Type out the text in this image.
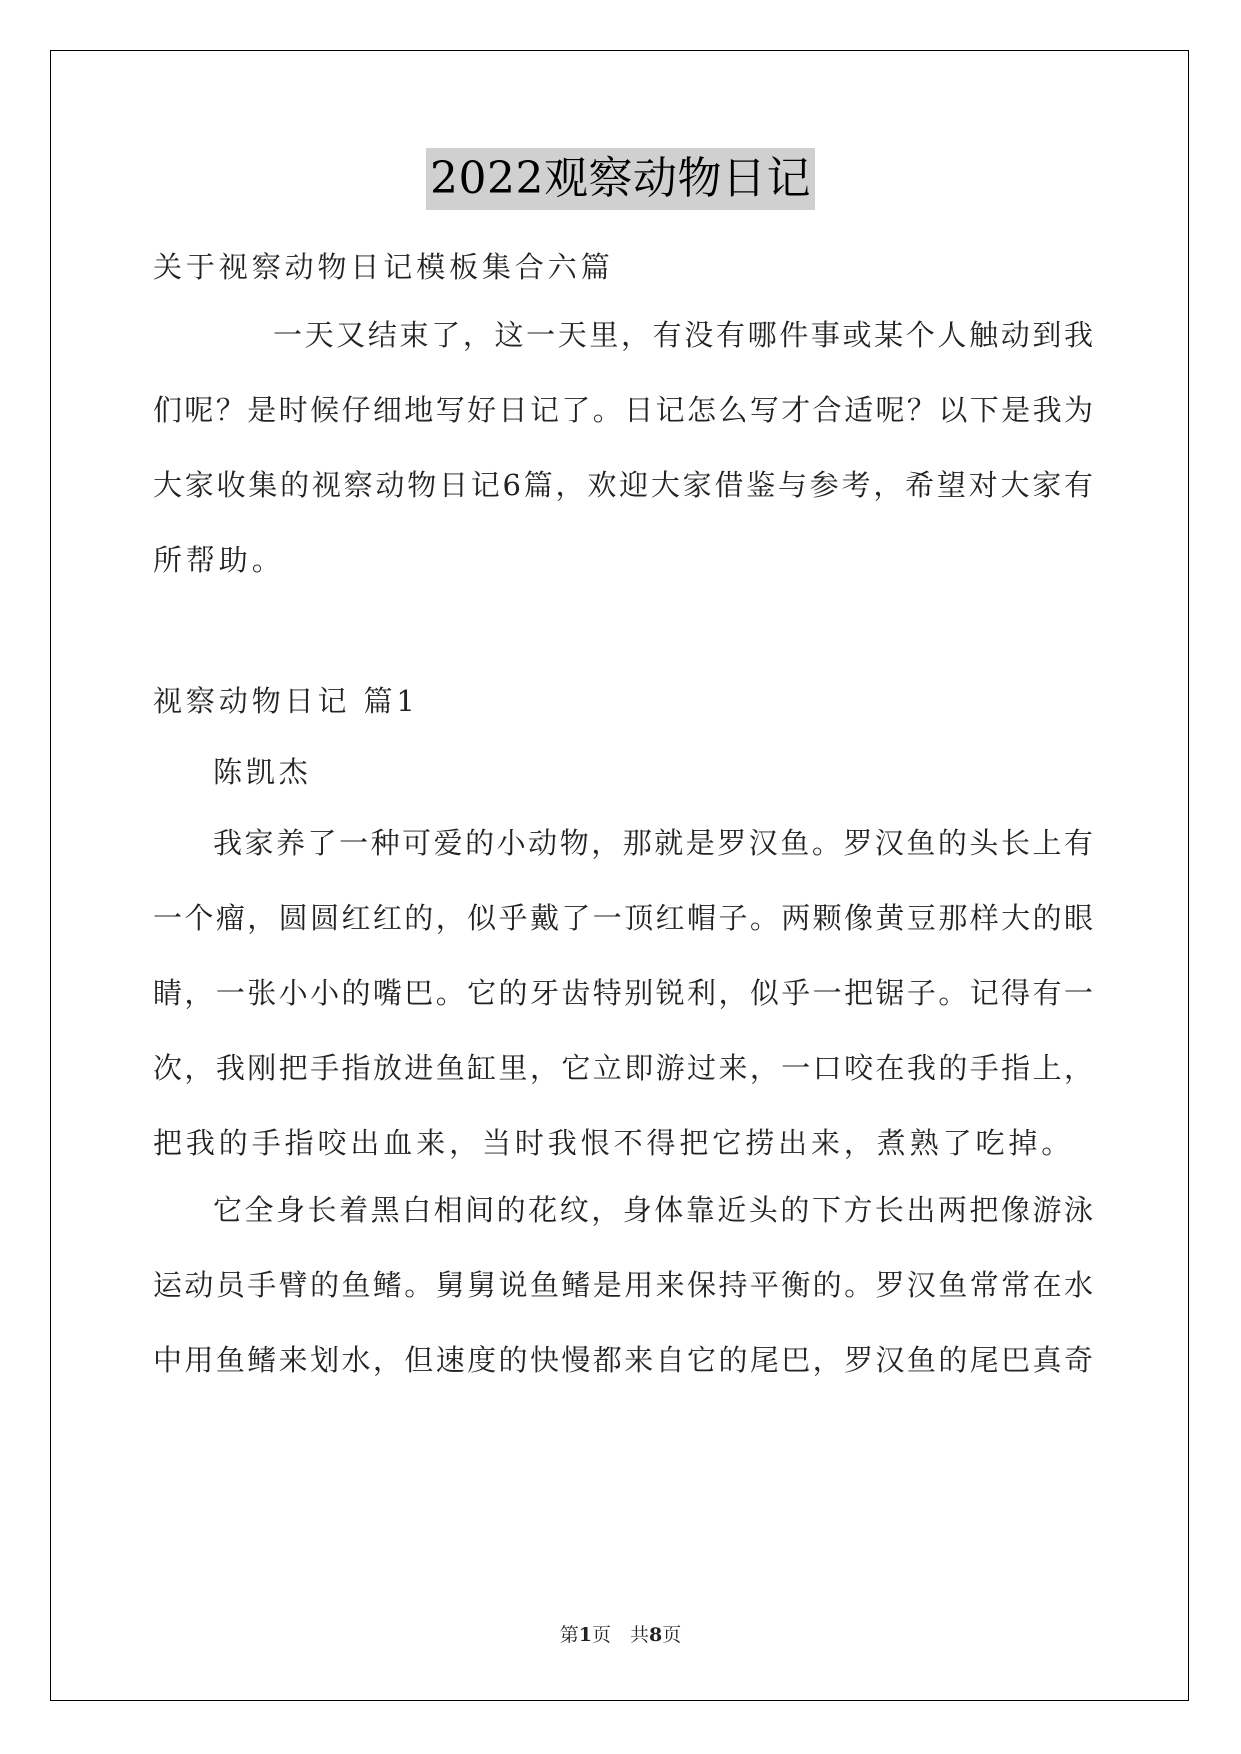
2022观察动物日记
关于视察动物日记模板集合六篇
一天又结束了，这一天里，有没有哪件事或某个人触动到我
们呢？是时候仔细地写好日记了。日记怎么写才合适呢？以下是我为
大家收集的视察动物日记6篇，欢迎大家借鉴与参考，希望对大家有
所帮助。
视察动物日记 篇1
陈凯杰
我家养了一种可爱的小动物，那就是罗汉鱼。罗汉鱼的头长上有
一个瘤，圆圆红红的，似乎戴了一顶红帽子。两颗像黄豆那样大的眼
睛，一张小小的嘴巴。它的牙齿特别锐利，似乎一把锯子。记得有一
次，我刚把手指放进鱼缸里，它立即游过来，一口咬在我的手指上，
把我的手指咬出血来，当时我恨不得把它捞出来，煮熟了吃掉。
它全身长着黑白相间的花纹，身体靠近头的下方长出两把像游泳
运动员手臂的鱼鳍。舅舅说鱼鳍是用来保持平衡的。罗汉鱼常常在水
中用鱼鳍来划水，但速度的快慢都来自它的尾巴，罗汉鱼的尾巴真奇
第1页　共8页
